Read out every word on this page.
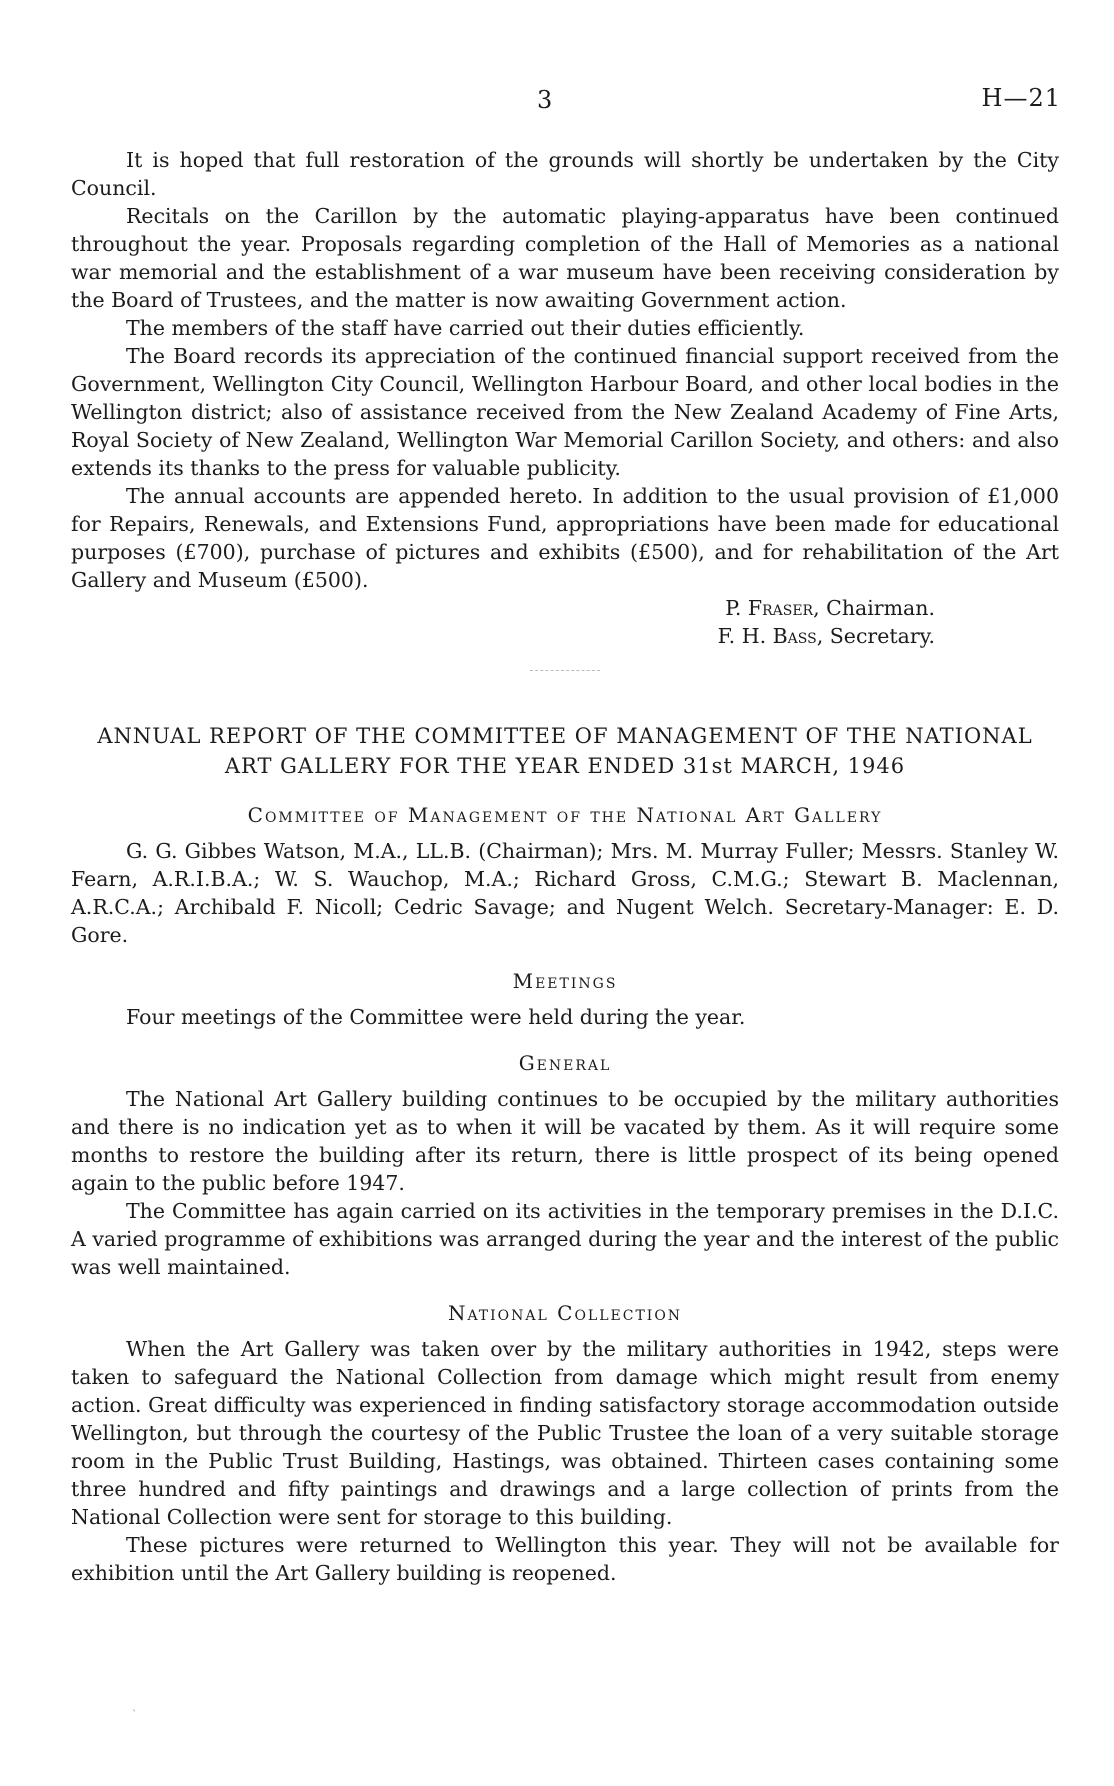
3	H—21

It is hoped that full restoration of the grounds will shortly be undertaken by the City Council.

Recitals on the Carillon by the automatic playing-apparatus have been continued throughout the year. Proposals regarding completion of the Hall of Memories as a national war memorial and the establishment of a war museum have been receiving consideration by the Board of Trustees, and the matter is now awaiting Government action.

The members of the staff have carried out their duties efficiently.

The Board records its appreciation of the continued financial support received from the Government, Wellington City Council, Wellington Harbour Board, and other local bodies in the Wellington district; also of assistance received from the New Zealand Academy of Fine Arts, Royal Society of New Zealand, Wellington War Memorial Carillon Society, and others: and also extends its thanks to the press for valuable publicity.

The annual accounts are appended hereto. In addition to the usual provision of £1,000 for Repairs, Renewals, and Extensions Fund, appropriations have been made for educational purposes (£700), purchase of pictures and exhibits (£500), and for rehabilitation of the Art Gallery and Museum (£500).

P. Fraser, Chairman.
F. H. Bass, Secretary.
ANNUAL REPORT OF THE COMMITTEE OF MANAGEMENT OF THE NATIONAL ART GALLERY FOR THE YEAR ENDED 31st MARCH, 1946
Committee of Management of the National Art Gallery

G. G. Gibbes Watson, M.A., LL.B. (Chairman); Mrs. M. Murray Fuller; Messrs. Stanley W. Fearn, A.R.I.B.A.; W. S. Wauchop, M.A.; Richard Gross, C.M.G.; Stewart B. Maclennan, A.R.C.A.; Archibald F. Nicoll; Cedric Savage; and Nugent Welch. Secretary-Manager: E. D. Gore.

Meetings

Four meetings of the Committee were held during the year.

General

The National Art Gallery building continues to be occupied by the military authorities and there is no indication yet as to when it will be vacated by them. As it will require some months to restore the building after its return, there is little prospect of its being opened again to the public before 1947.

The Committee has again carried on its activities in the temporary premises in the D.I.C. A varied programme of exhibitions was arranged during the year and the interest of the public was well maintained.

National Collection

When the Art Gallery was taken over by the military authorities in 1942, steps were taken to safeguard the National Collection from damage which might result from enemy action. Great difficulty was experienced in finding satisfactory storage accommodation outside Wellington, but through the courtesy of the Public Trustee the loan of a very suitable storage room in the Public Trust Building, Hastings, was obtained. Thirteen cases containing some three hundred and fifty paintings and drawings and a large collection of prints from the National Collection were sent for storage to this building.

These pictures were returned to Wellington this year. They will not be available for exhibition until the Art Gallery building is reopened.

ˋ
